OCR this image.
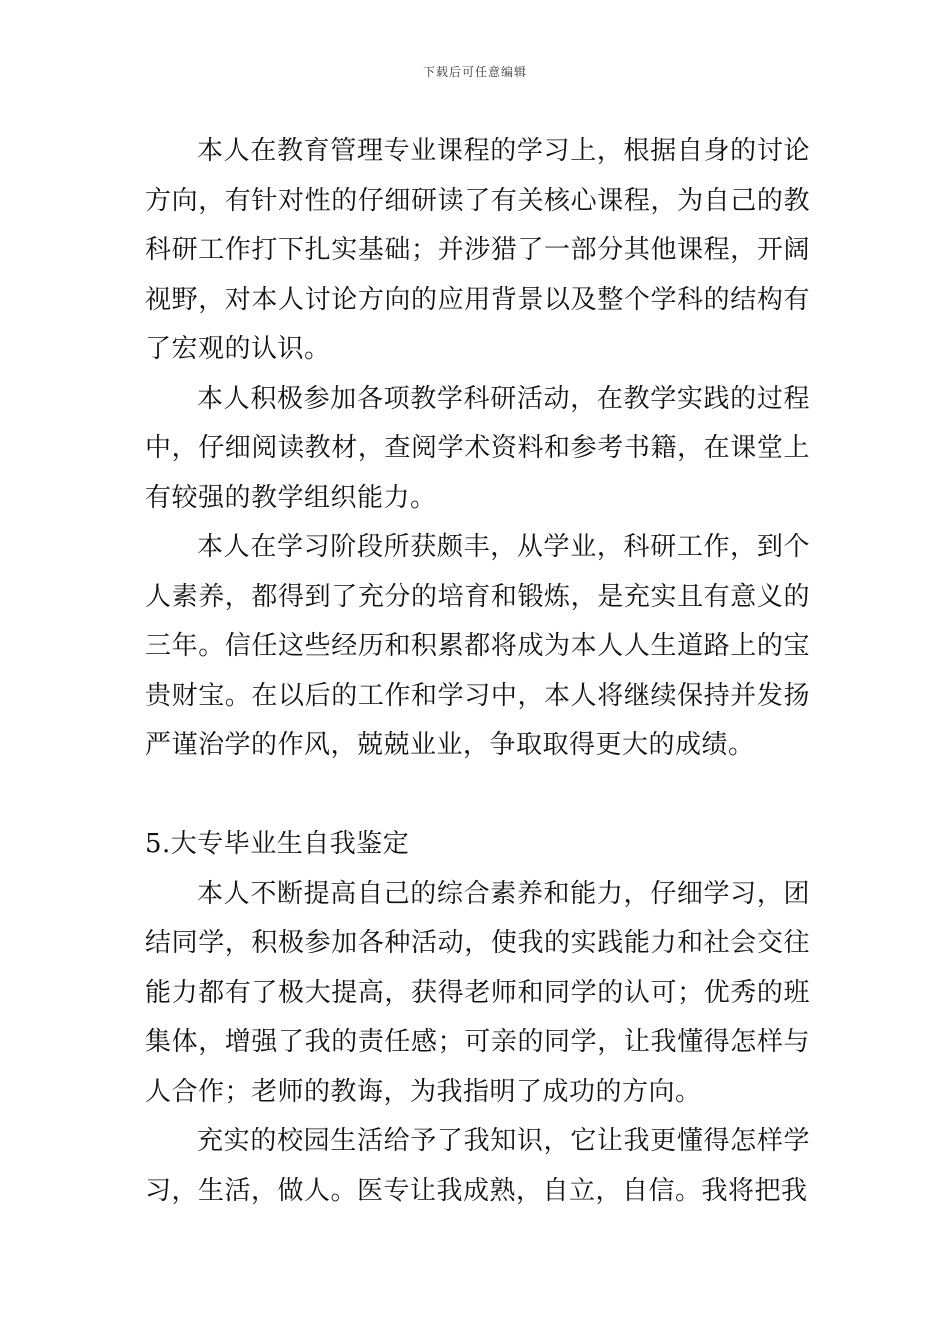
下载后可任意编辑

本人在教育管理专业课程的学习上，根据自身的讨论方向，有针对性的仔细研读了有关核心课程，为自己的教科研工作打下扎实基础；并涉猎了一部分其他课程，开阔视野，对本人讨论方向的应用背景以及整个学科的结构有了宏观的认识。

本人积极参加各项教学科研活动，在教学实践的过程中，仔细阅读教材，查阅学术资料和参考书籍，在课堂上有较强的教学组织能力。

本人在学习阶段所获颇丰，从学业，科研工作，到个人素养，都得到了充分的培育和锻炼，是充实且有意义的三年。信任这些经历和积累都将成为本人人生道路上的宝贵财宝。在以后的工作和学习中，本人将继续保持并发扬严谨治学的作风，兢兢业业，争取取得更大的成绩。

5.大专毕业生自我鉴定

本人不断提高自己的综合素养和能力，仔细学习，团结同学，积极参加各种活动，使我的实践能力和社会交往能力都有了极大提高，获得老师和同学的认可；优秀的班集体，增强了我的责任感；可亲的同学，让我懂得怎样与人合作；老师的教诲，为我指明了成功的方向。

充实的校园生活给予了我知识，它让我更懂得怎样学习，生活，做人。医专让我成熟，自立，自信。我将把我
